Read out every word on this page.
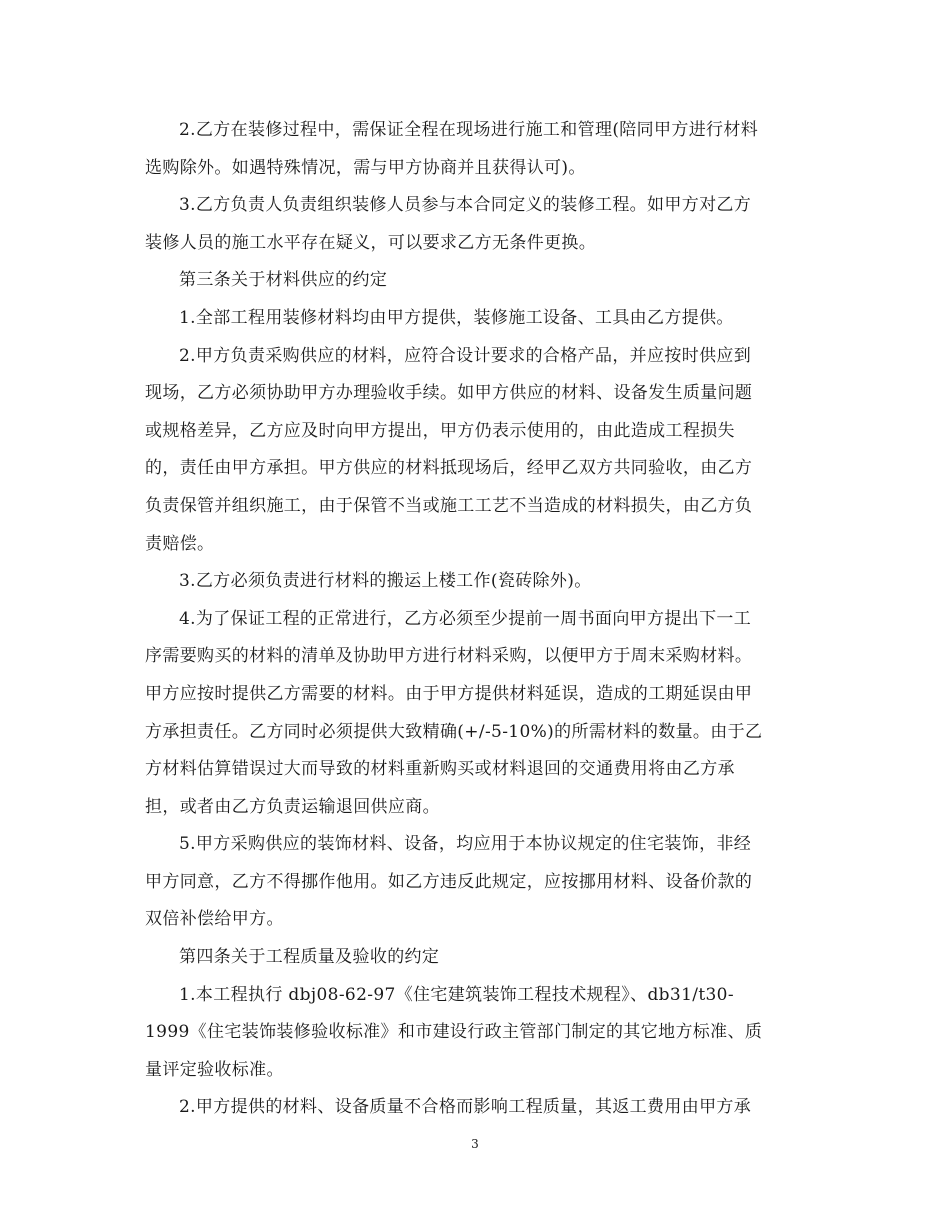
2.乙方在装修过程中，需保证全程在现场进行施工和管理(陪同甲方进行材料
选购除外。如遇特殊情况，需与甲方协商并且获得认可)。
3.乙方负责人负责组织装修人员参与本合同定义的装修工程。如甲方对乙方
装修人员的施工水平存在疑义，可以要求乙方无条件更换。
第三条关于材料供应的约定
1.全部工程用装修材料均由甲方提供，装修施工设备、工具由乙方提供。
2.甲方负责采购供应的材料，应符合设计要求的合格产品，并应按时供应到
现场，乙方必须协助甲方办理验收手续。如甲方供应的材料、设备发生质量问题
或规格差异，乙方应及时向甲方提出，甲方仍表示使用的，由此造成工程损失
的，责任由甲方承担。甲方供应的材料抵现场后，经甲乙双方共同验收，由乙方
负责保管并组织施工，由于保管不当或施工工艺不当造成的材料损失，由乙方负
责赔偿。
3.乙方必须负责进行材料的搬运上楼工作(瓷砖除外)。
4.为了保证工程的正常进行，乙方必须至少提前一周书面向甲方提出下一工
序需要购买的材料的清单及协助甲方进行材料采购，以便甲方于周末采购材料。
甲方应按时提供乙方需要的材料。由于甲方提供材料延误，造成的工期延误由甲
方承担责任。乙方同时必须提供大致精确(+/-5-10%)的所需材料的数量。由于乙
方材料估算错误过大而导致的材料重新购买或材料退回的交通费用将由乙方承
担，或者由乙方负责运输退回供应商。
5.甲方采购供应的装饰材料、设备，均应用于本协议规定的住宅装饰，非经
甲方同意，乙方不得挪作他用。如乙方违反此规定，应按挪用材料、设备价款的
双倍补偿给甲方。
第四条关于工程质量及验收的约定
1.本工程执行 dbj08-62-97《住宅建筑装饰工程技术规程》、db31/t30-
1999《住宅装饰装修验收标准》和市建设行政主管部门制定的其它地方标准、质
量评定验收标准。
2.甲方提供的材料、设备质量不合格而影响工程质量，其返工费用由甲方承
3
